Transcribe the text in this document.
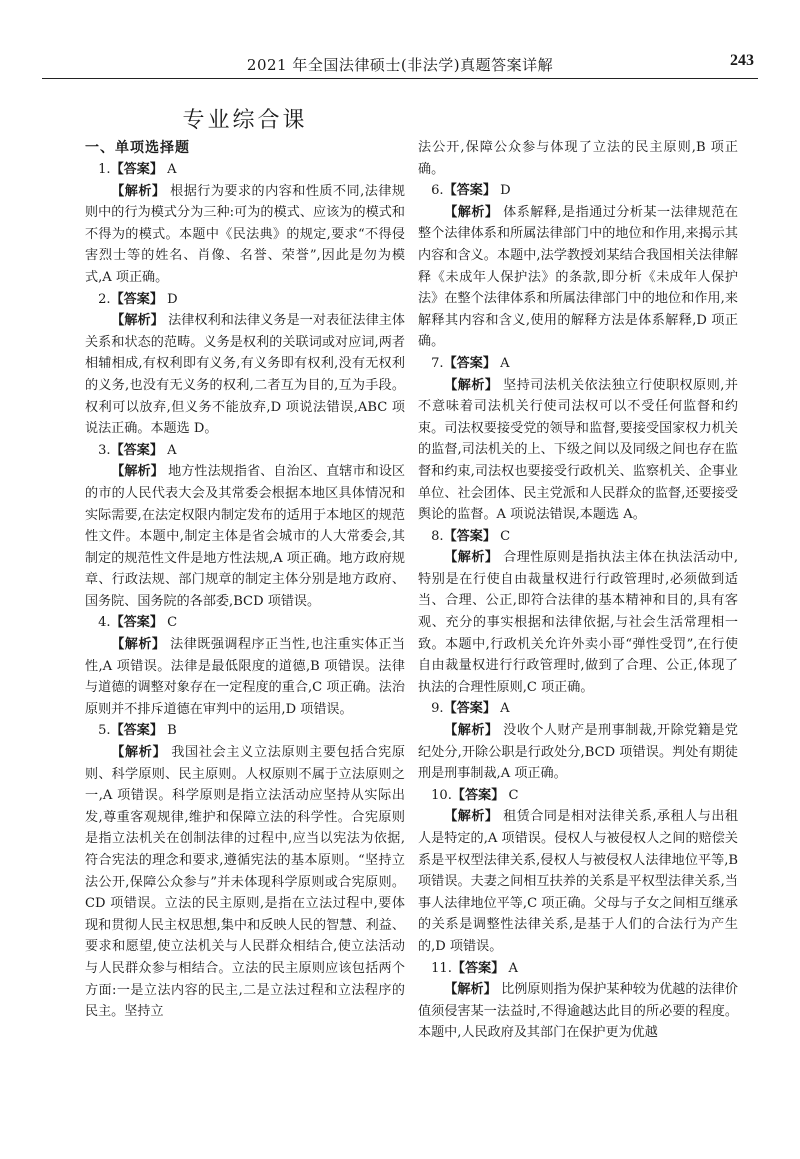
2021 年全国法律硕士(非法学)真题答案详解	243
专业综合课

一、单项选择题

1.【答案】 A

【解析】 根据行为要求的内容和性质不同,法律规则中的行为模式分为三种:可为的模式、应该为的模式和不得为的模式。本题中《民法典》的规定,要求“不得侵害烈士等的姓名、肖像、名誉、荣誉”,因此是勿为模式,A 项正确。

2.【答案】 D

【解析】 法律权利和法律义务是一对表征法律主体关系和状态的范畴。义务是权利的关联词或对应词,两者相辅相成,有权利即有义务,有义务即有权利,没有无权利的义务,也没有无义务的权利,二者互为目的,互为手段。权利可以放弃,但义务不能放弃,D 项说法错误,ABC 项说法正确。本题选 D。

3.【答案】 A

【解析】 地方性法规指省、自治区、直辖市和设区的市的人民代表大会及其常委会根据本地区具体情况和实际需要,在法定权限内制定发布的适用于本地区的规范性文件。本题中,制定主体是省会城市的人大常委会,其制定的规范性文件是地方性法规,A 项正确。地方政府规章、行政法规、部门规章的制定主体分别是地方政府、国务院、国务院的各部委,BCD 项错误。

4.【答案】 C

【解析】 法律既强调程序正当性,也注重实体正当性,A 项错误。法律是最低限度的道德,B 项错误。法律与道德的调整对象存在一定程度的重合,C 项正确。法治原则并不排斥道德在审判中的运用,D 项错误。

5.【答案】 B

【解析】 我国社会主义立法原则主要包括合宪原则、科学原则、民主原则。人权原则不属于立法原则之一,A 项错误。科学原则是指立法活动应坚持从实际出发,尊重客观规律,维护和保障立法的科学性。合宪原则是指立法机关在创制法律的过程中,应当以宪法为依据,符合宪法的理念和要求,遵循宪法的基本原则。“坚持立法公开,保障公众参与”并未体现科学原则或合宪原则。CD 项错误。立法的民主原则,是指在立法过程中,要体现和贯彻人民主权思想,集中和反映人民的智慧、利益、要求和愿望,使立法机关与人民群众相结合,使立法活动与人民群众参与相结合。立法的民主原则应该包括两个方面:一是立法内容的民主,二是立法过程和立法程序的民主。坚持立

法公开,保障公众参与体现了立法的民主原则,B 项正确。

6.【答案】 D

【解析】 体系解释,是指通过分析某一法律规范在整个法律体系和所属法律部门中的地位和作用,来揭示其内容和含义。本题中,法学教授刘某结合我国相关法律解释《未成年人保护法》的条款,即分析《未成年人保护法》在整个法律体系和所属法律部门中的地位和作用,来解释其内容和含义,使用的解释方法是体系解释,D 项正确。

7.【答案】 A

【解析】 坚持司法机关依法独立行使职权原则,并不意味着司法机关行使司法权可以不受任何监督和约束。司法权要接受党的领导和监督,要接受国家权力机关的监督,司法机关的上、下级之间以及同级之间也存在监督和约束,司法权也要接受行政机关、监察机关、企事业单位、社会团体、民主党派和人民群众的监督,还要接受舆论的监督。A 项说法错误,本题选 A。

8.【答案】 C

【解析】 合理性原则是指执法主体在执法活动中,特别是在行使自由裁量权进行行政管理时,必须做到适当、合理、公正,即符合法律的基本精神和目的,具有客观、充分的事实根据和法律依据,与社会生活常理相一致。本题中,行政机关允许外卖小哥“弹性受罚”,在行使自由裁量权进行行政管理时,做到了合理、公正,体现了执法的合理性原则,C 项正确。

9.【答案】 A

【解析】 没收个人财产是刑事制裁,开除党籍是党纪处分,开除公职是行政处分,BCD 项错误。判处有期徒刑是刑事制裁,A 项正确。

10.【答案】 C

【解析】 租赁合同是相对法律关系,承租人与出租人是特定的,A 项错误。侵权人与被侵权人之间的赔偿关系是平权型法律关系,侵权人与被侵权人法律地位平等,B 项错误。夫妻之间相互扶养的关系是平权型法律关系,当事人法律地位平等,C 项正确。父母与子女之间相互继承的关系是调整性法律关系,是基于人们的合法行为产生的,D 项错误。

11.【答案】 A

【解析】 比例原则指为保护某种较为优越的法律价值须侵害某一法益时,不得逾越达此目的所必要的程度。本题中,人民政府及其部门在保护更为优越
